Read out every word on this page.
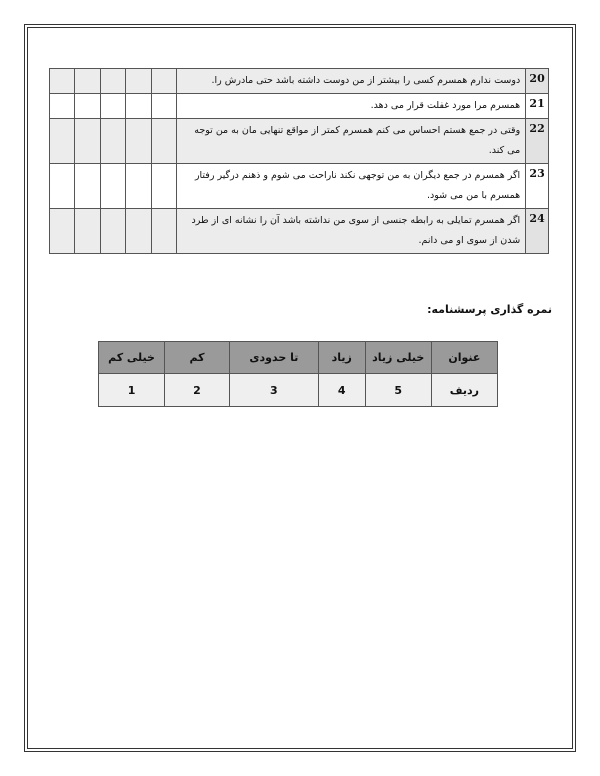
20	دوست ندارم همسرم کسی را بیشتر از من دوست داشته باشد حتی مادرش را.					
21	همسرم مرا مورد غفلت قرار می دهد.					
22	وقتی در جمع هستم احساس می کنم همسرم کمتر از مواقع تنهایی مان به من توجه می کند.					
23	اگر همسرم در جمع دیگران به من توجهی نکند ناراحت می شوم و ذهنم درگیر رفتار همسرم با من می شود.					
24	اگر همسرم تمایلی به رابطه جنسی از سوی من نداشته باشد آن را نشانه ای از طرد شدن از سوی او می دانم.					
نمره گذاری پرسشنامه:
عنوان	خیلی زیاد	زیاد	تا حدودی	کم	خیلی کم
ردیف	5	4	3	2	1
